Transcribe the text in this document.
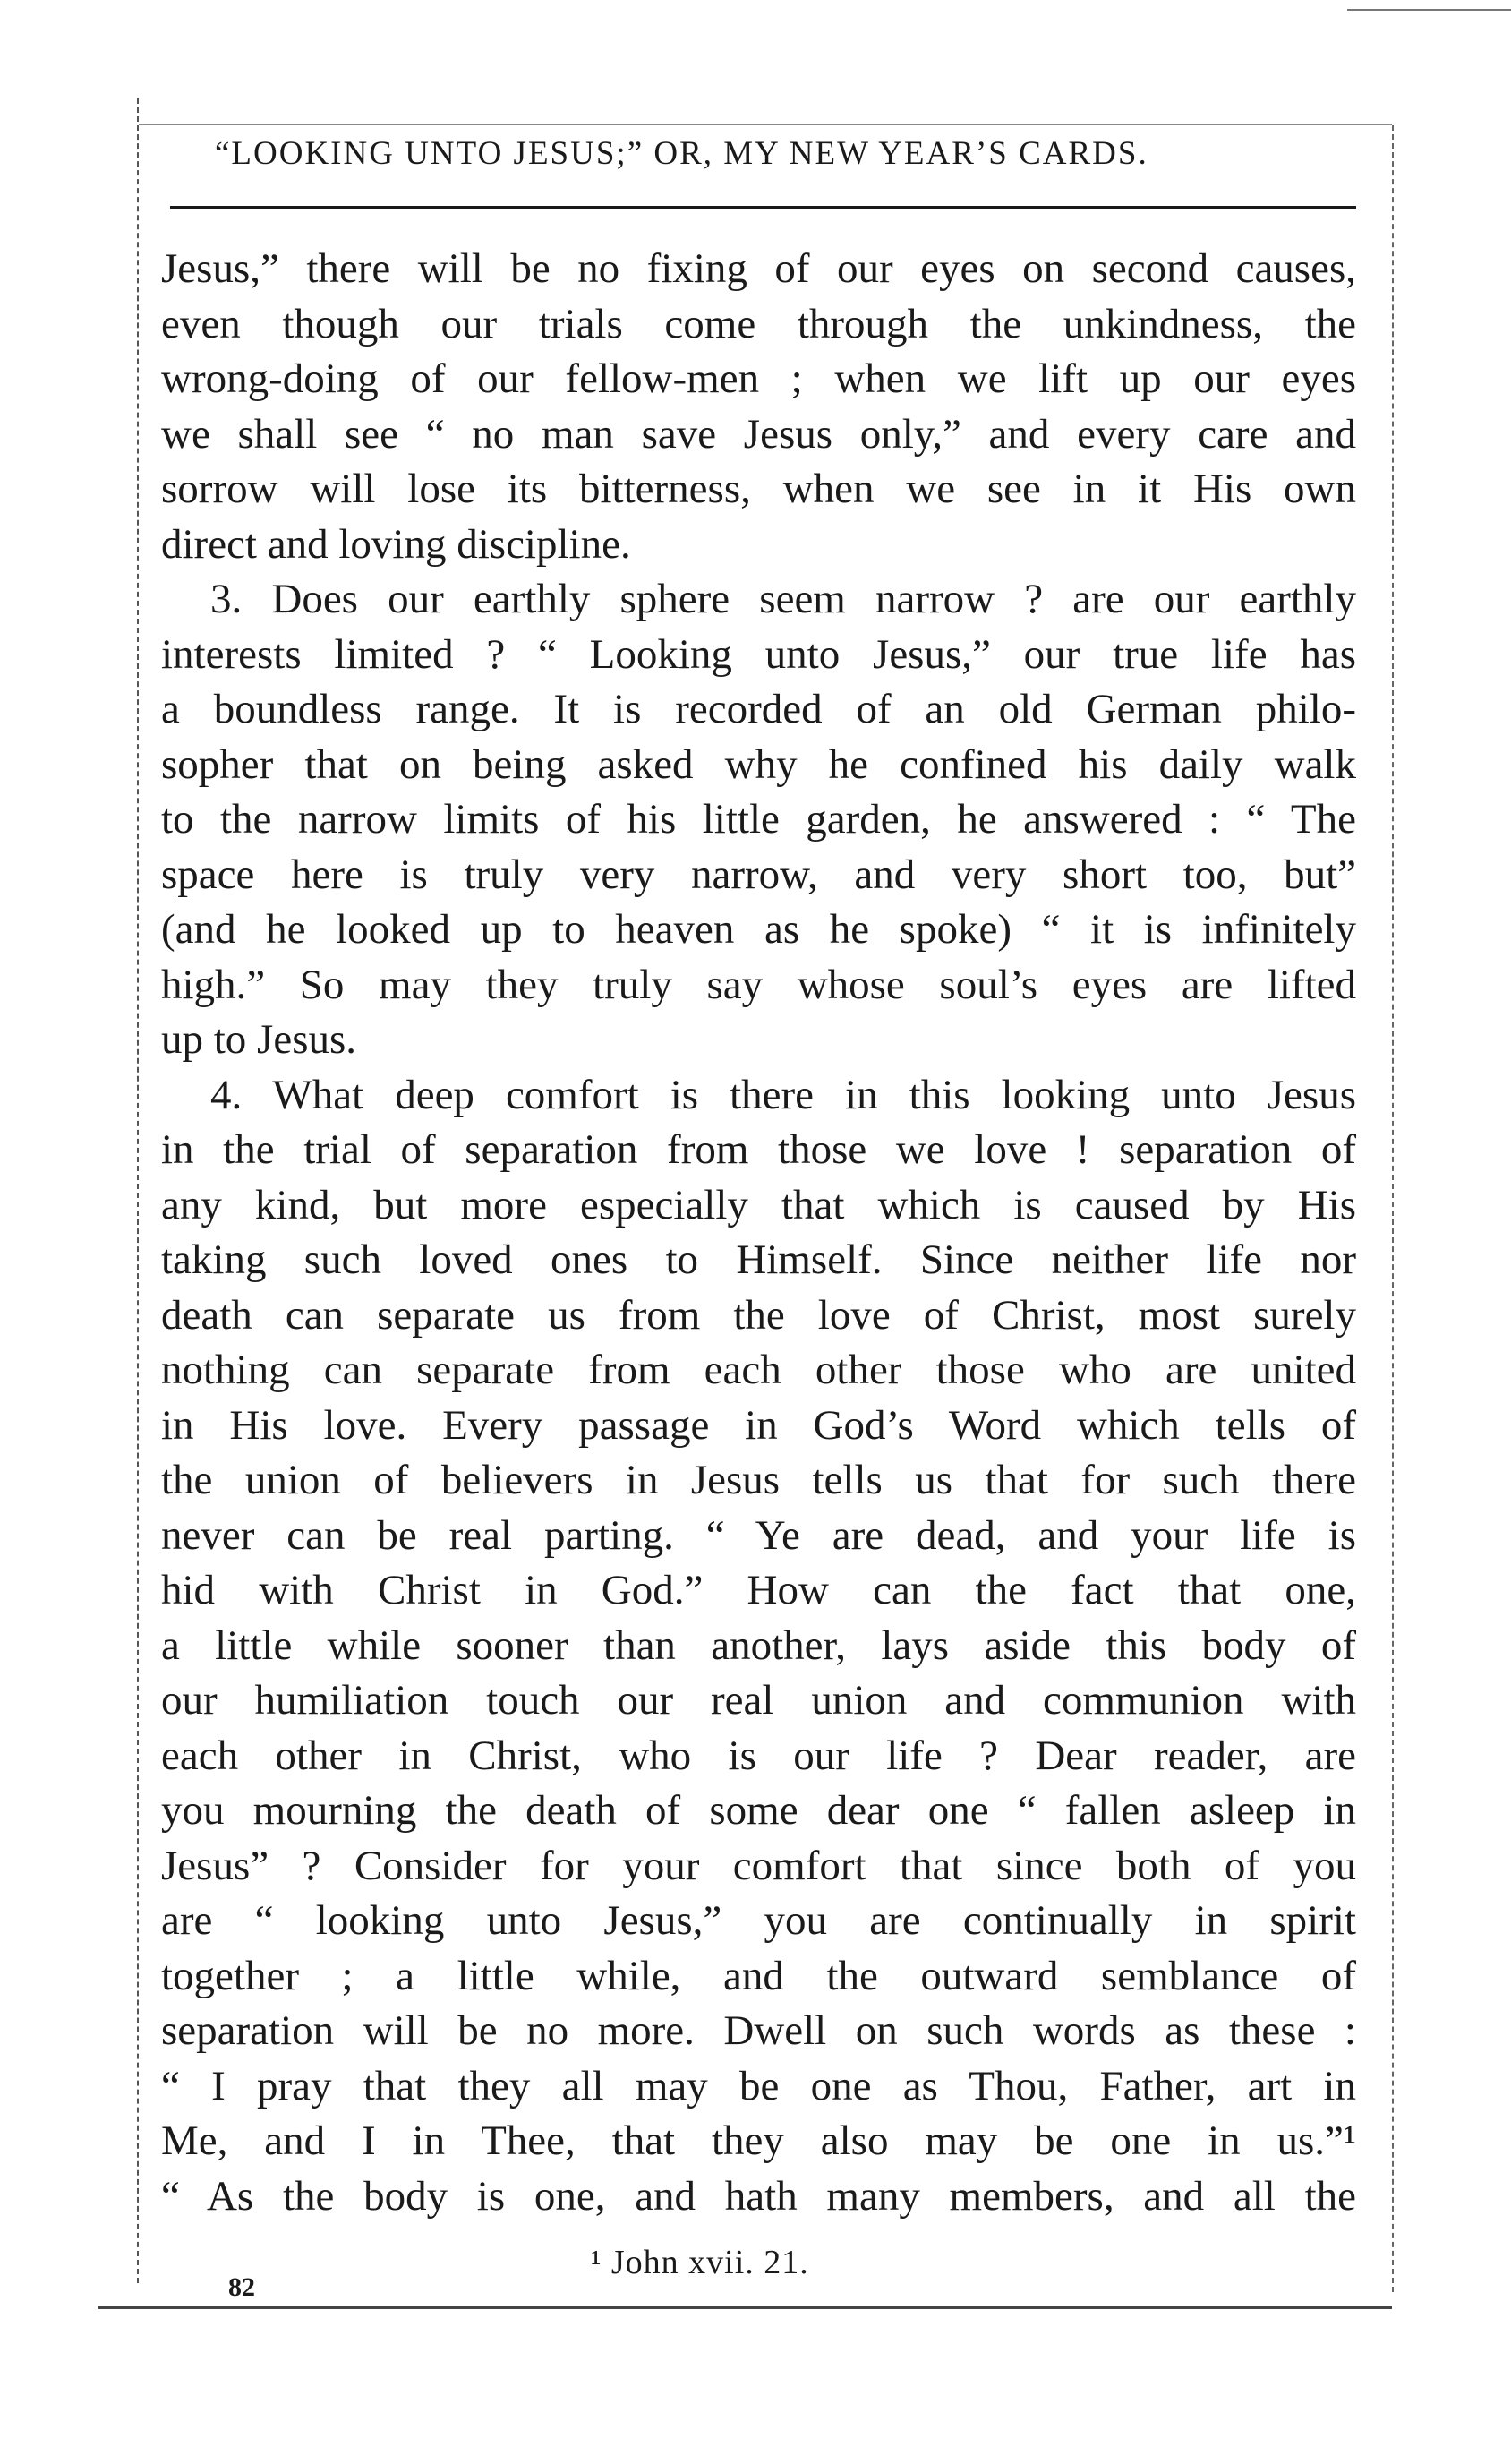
“LOOKING UNTO JESUS;” OR, MY NEW YEAR’S CARDS.
Jesus,” there will be no fixing of our eyes on second causes,
even though our trials come through the unkindness, the
wrong-doing of our fellow-men ; when we lift up our eyes
we shall see “ no man save Jesus only,” and every care and
sorrow will lose its bitterness, when we see in it His own
direct and loving discipline.
3. Does our earthly sphere seem narrow ? are our earthly
interests limited ? “ Looking unto Jesus,” our true life has
a boundless range. It is recorded of an old German philo-
sopher that on being asked why he confined his daily walk
to the narrow limits of his little garden, he answered : “ The
space here is truly very narrow, and very short too, but”
(and he looked up to heaven as he spoke) “ it is infinitely
high.” So may they truly say whose soul’s eyes are lifted
up to Jesus.
4. What deep comfort is there in this looking unto Jesus
in the trial of separation from those we love ! separation of
any kind, but more especially that which is caused by His
taking such loved ones to Himself. Since neither life nor
death can separate us from the love of Christ, most surely
nothing can separate from each other those who are united
in His love. Every passage in God’s Word which tells of
the union of believers in Jesus tells us that for such there
never can be real parting. “ Ye are dead, and your life is
hid with Christ in God.” How can the fact that one,
a little while sooner than another, lays aside this body of
our humiliation touch our real union and communion with
each other in Christ, who is our life ? Dear reader, are
you mourning the death of some dear one “ fallen asleep in
Jesus” ? Consider for your comfort that since both of you
are “ looking unto Jesus,” you are continually in spirit
together ; a little while, and the outward semblance of
separation will be no more. Dwell on such words as these :
“ I pray that they all may be one as Thou, Father, art in
Me, and I in Thee, that they also may be one in us.”¹
“ As the body is one, and hath many members, and all the
¹ John xvii. 21.
82
